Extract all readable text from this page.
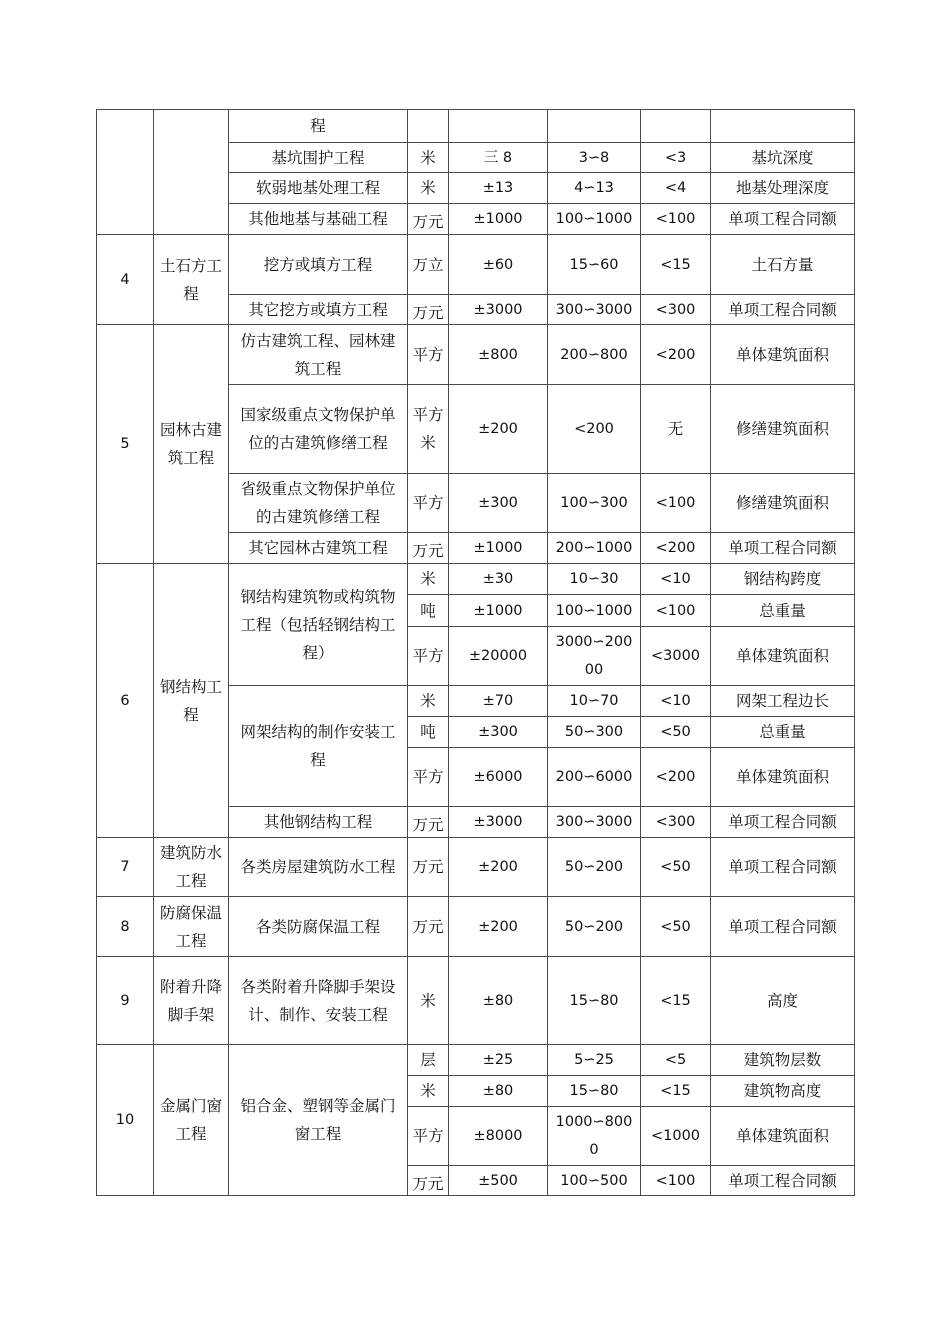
		程					
		基坑围护工程	米	三 8	3∽8	<3	基坑深度
		软弱地基处理工程	米	±13	4∽13	<4	地基处理深度
		其他地基与基础工程	万元	±1000	100∽1000	<100	单项工程合同额
4	土石方工程	挖方或填方工程	万立	±60	15∽60	<15	土石方量
		其它挖方或填方工程	万元	±3000	300∽3000	<300	单项工程合同额
5	园林古建筑工程	仿古建筑工程、园林建筑工程	平方	±800	200∽800	<200	单体建筑面积
		国家级重点文物保护单位的古建筑修缮工程	平方米	±200	<200	无	修缮建筑面积
		省级重点文物保护单位的古建筑修缮工程	平方	±300	100∽300	<100	修缮建筑面积
		其它园林古建筑工程	万元	±1000	200∽1000	<200	单项工程合同额
6	钢结构工程	钢结构建筑物或构筑物工程（包括轻钢结构工程）	米	±30	10∽30	<10	钢结构跨度
			吨	±1000	100∽1000	<100	总重量
			平方	±20000	3000∽20000	<3000	单体建筑面积
		网架结构的制作安装工程	米	±70	10∽70	<10	网架工程边长
			吨	±300	50∽300	<50	总重量
			平方	±6000	200∽6000	<200	单体建筑面积
		其他钢结构工程	万元	±3000	300∽3000	<300	单项工程合同额
7	建筑防水工程	各类房屋建筑防水工程	万元	±200	50∽200	<50	单项工程合同额
8	防腐保温工程	各类防腐保温工程	万元	±200	50∽200	<50	单项工程合同额
9	附着升降脚手架	各类附着升降脚手架设计、制作、安装工程	米	±80	15∽80	<15	高度
10	金属门窗工程	铝合金、塑钢等金属门窗工程	层	±25	5∽25	<5	建筑物层数
			米	±80	15∽80	<15	建筑物高度
			平方	±8000	1000∽8000	<1000	单体建筑面积

			万元	±500	100∽500	<100	单项工程合同额
